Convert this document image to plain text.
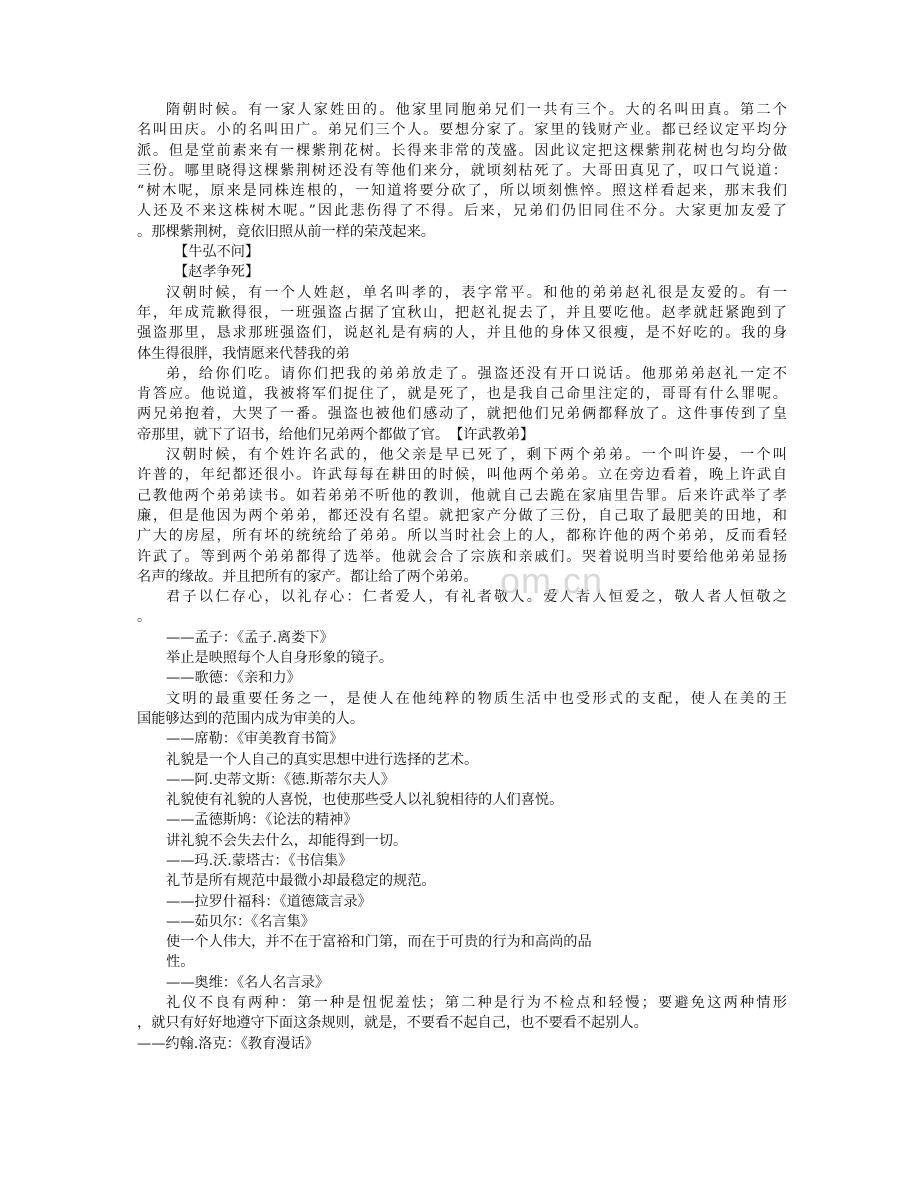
隋朝时候。有一家人家姓田的。他家里同胞弟兄们一共有三个。大的名叫田真。第二个
名叫田庆。小的名叫田广。弟兄们三个人。要想分家了。家里的钱财产业。都已经议定平均分
派。但是堂前素来有一棵紫荆花树。长得来非常的茂盛。因此议定把这棵紫荆花树也匀均分做
三份。哪里晓得这棵紫荆树还没有等他们来分，就顷刻枯死了。大哥田真见了，叹口气说道：
“树木呢，原来是同株连根的，一知道将要分砍了，所以顷刻憔悴。照这样看起来，那末我们
人还及不来这株树木呢。”因此悲伤得了不得。后来，兄弟们仍旧同住不分。大家更加友爱了
。那棵紫荆树，竟依旧照从前一样的荣茂起来。
【牛弘不问】
【赵孝争死】
汉朝时候，有一个人姓赵，单名叫孝的，表字常平。和他的弟弟赵礼很是友爱的。有一
年，年成荒歉得很，一班强盗占据了宜秋山，把赵礼捉去了，并且要吃他。赵孝就赶紧跑到了
强盗那里，恳求那班强盗们，说赵礼是有病的人，并且他的身体又很瘦，是不好吃的。我的身
体生得很胖，我情愿来代替我的弟
弟，给你们吃。请你们把我的弟弟放走了。强盗还没有开口说话。他那弟弟赵礼一定不
肯答应。他说道，我被将军们捉住了，就是死了，也是我自己命里注定的，哥哥有什么罪呢。
两兄弟抱着，大哭了一番。强盗也被他们感动了，就把他们兄弟俩都释放了。这件事传到了皇
帝那里，就下了诏书，给他们兄弟两个都做了官。　【许武教弟】
汉朝时候，有个姓许名武的，他父亲是早已死了，剩下两个弟弟。一个叫许晏，一个叫
许普的，年纪都还很小。许武每每在耕田的时候，叫他两个弟弟。立在旁边看着，晚上许武自
己教他两个弟弟读书。如若弟弟不听他的教训，他就自己去跪在家庙里告罪。后来许武举了孝
廉，但是他因为两个弟弟，都还没有名望。就把家产分做了三份，自己取了最肥美的田地，和
广大的房屋，所有坏的统统给了弟弟。所以当时社会上的人，都称许他的两个弟弟，反而看轻
许武了。等到两个弟弟都得了选举。他就会合了宗族和亲戚们。哭着说明当时要给他弟弟显扬
名声的缘故。并且把所有的家产。都让给了两个弟弟。
君子以仁存心，以礼存心：仁者爱人，有礼者敬人。爱人者人恒爱之，敬人者人恒敬之
。
——孟子：《孟子.离娄下》
举止是映照每个人自身形象的镜子。
——歌德：《亲和力》
文明的最重要任务之一，是使人在他纯粹的物质生活中也受形式的支配，使人在美的王
国能够达到的范围内成为审美的人。
——席勒：《审美教育书简》
礼貌是一个人自己的真实思想中进行选择的艺术。
——阿.史蒂文斯：《德.斯蒂尔夫人》
礼貌使有礼貌的人喜悦，也使那些受人以礼貌相待的人们喜悦。
——孟德斯鸠：《论法的精神》
讲礼貌不会失去什么，却能得到一切。
——玛.沃.蒙塔古：《书信集》
礼节是所有规范中最微小却最稳定的规范。
——拉罗什福科：《道德箴言录》
——茹贝尔：《名言集》
使一个人伟大，并不在于富裕和门第，而在于可贵的行为和高尚的品
性。
——奥维：《名人名言录》
礼仪不良有两种：第一种是忸怩羞怯；第二种是行为不检点和轻慢；要避免这两种情形
，就只有好好地遵守下面这条规则，就是，不要看不起自己，也不要看不起别人。
——约翰.洛克：《教育漫话》
om.cn
